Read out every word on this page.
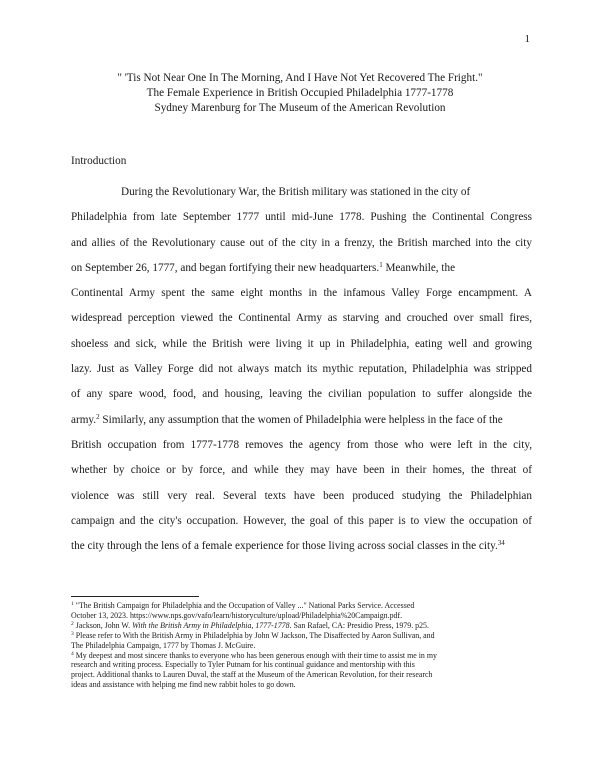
1
" 'Tis Not Near One In The Morning, And I Have Not Yet Recovered The Fright."
The Female Experience in British Occupied Philadelphia 1777-1778
Sydney Marenburg for The Museum of the American Revolution
Introduction
During the Revolutionary War, the British military was stationed in the city of
Philadelphia from late September 1777 until mid-June 1778. Pushing the Continental Congress
and allies of the Revolutionary cause out of the city in a frenzy, the British marched into the city
on September 26, 1777, and began fortifying their new headquarters.$^1$ Meanwhile, the
Continental Army spent the same eight months in the infamous Valley Forge encampment. A
widespread perception viewed the Continental Army as starving and crouched over small fires,
shoeless and sick, while the British were living it up in Philadelphia, eating well and growing
lazy. Just as Valley Forge did not always match its mythic reputation, Philadelphia was stripped
of any spare wood, food, and housing, leaving the civilian population to suffer alongside the
army.$^2$ Similarly, any assumption that the women of Philadelphia were helpless in the face of the
British occupation from 1777-1778 removes the agency from those who were left in the city,
whether by choice or by force, and while they may have been in their homes, the threat of
violence was still very real. Several texts have been produced studying the Philadelphian
campaign and the city's occupation. However, the goal of this paper is to view the occupation of
the city through the lens of a female experience for those living across social classes in the city.$^{34}$
$^1$ "The British Campaign for Philadelphia and the Occupation of Valley ..." National Parks Service. Accessed
October 13, 2023. https://www.nps.gov/vafo/learn/historyculture/upload/Philadelphia%20Campaign.pdf.
$^2$ Jackson, John W. With the British Army in Philadelphia, 1777-1778. San Rafael, CA: Presidio Press, 1979. p25.
$^3$ Please refer to With the British Army in Philadelphia by John W Jackson, The Disaffected by Aaron Sullivan, and
The Philadelphia Campaign, 1777 by Thomas J. McGuire.
$^4$ My deepest and most sincere thanks to everyone who has been generous enough with their time to assist me in my
research and writing process. Especially to Tyler Putnam for his continual guidance and mentorship with this
project. Additional thanks to Lauren Duval, the staff at the Museum of the American Revolution, for their research
ideas and assistance with helping me find new rabbit holes to go down.
